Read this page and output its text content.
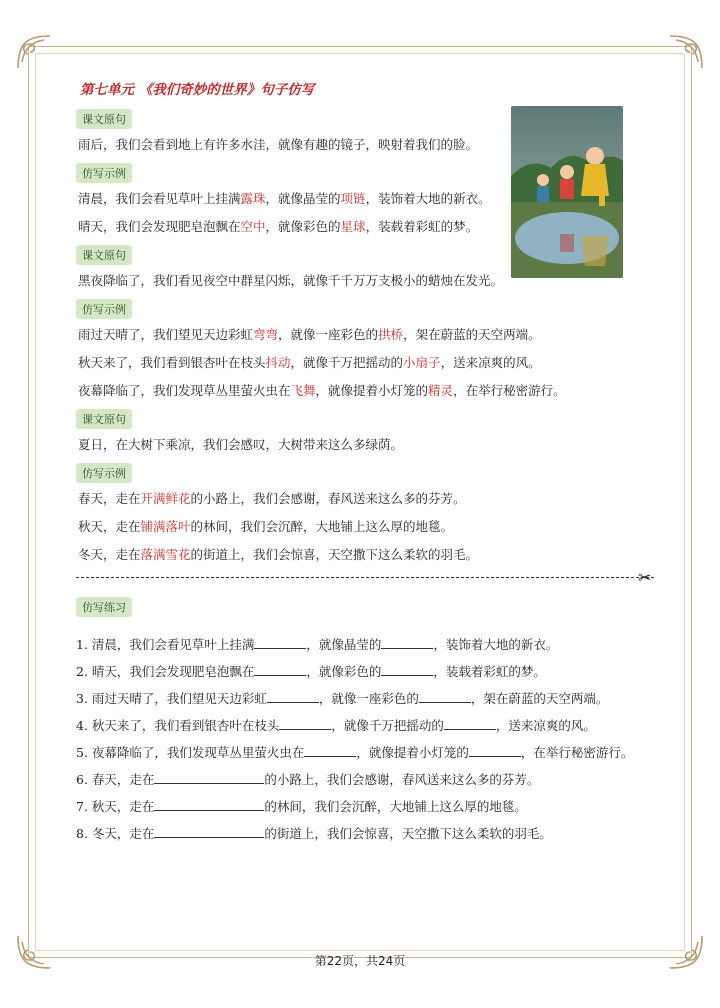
第七单元 《我们奇妙的世界》句子仿写
课文原句
雨后，我们会看到地上有许多水洼，就像有趣的镜子，映射着我们的脸。
仿写示例
清晨，我们会看见草叶上挂满露珠，就像晶莹的项链，装饰着大地的新衣。
晴天，我们会发现肥皂泡飘在空中，就像彩色的星球，装载着彩虹的梦。
课文原句
黑夜降临了，我们看见夜空中群星闪烁，就像千千万万支极小的蜡烛在发光。
仿写示例
雨过天晴了，我们望见天边彩虹弯弯，就像一座彩色的拱桥，架在蔚蓝的天空两端。
秋天来了，我们看到银杏叶在枝头抖动，就像千万把摇动的小扇子，送来凉爽的风。
夜幕降临了，我们发现草丛里萤火虫在飞舞，就像提着小灯笼的精灵，在举行秘密游行。
课文原句
夏日，在大树下乘凉，我们会感叹，大树带来这么多绿荫。
仿写示例
春天，走在开满鲜花的小路上，我们会感谢，春风送来这么多的芬芳。
秋天，走在铺满落叶的林间，我们会沉醉，大地铺上这么厚的地毯。
冬天，走在落满雪花的街道上，我们会惊喜，天空撒下这么柔软的羽毛。
✂
仿写练习
1. 清晨，我们会看见草叶上挂满	，就像晶莹的	，装饰着大地的新衣。
2. 晴天，我们会发现肥皂泡飘在	，就像彩色的	，装载着彩虹的梦。
3. 雨过天晴了，我们望见天边彩虹	，就像一座彩色的	，架在蔚蓝的天空两端。
4. 秋天来了，我们看到银杏叶在枝头	，就像千万把摇动的	，送来凉爽的风。
5. 夜幕降临了，我们发现草丛里萤火虫在	，就像提着小灯笼的	，在举行秘密游行。
6. 春天，走在	的小路上，我们会感谢，春风送来这么多的芬芳。
7. 秋天，走在	的林间，我们会沉醉，大地铺上这么厚的地毯。
8. 冬天，走在	的街道上，我们会惊喜，天空撒下这么柔软的羽毛。
第22页，共24页
